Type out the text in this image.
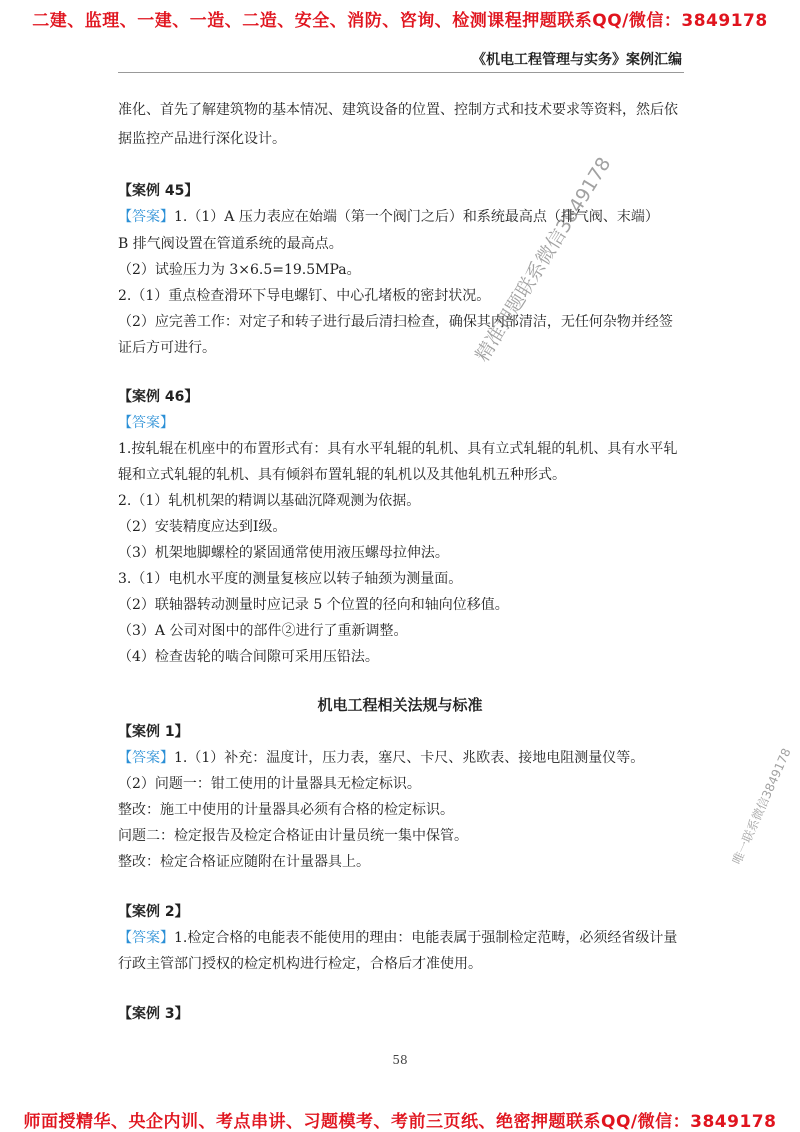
二建、监理、一建、一造、二造、安全、消防、咨询、检测课程押题联系QQ/微信：3849178
《机电工程管理与实务》案例汇编
准化、首先了解建筑物的基本情况、建筑设备的位置、控制方式和技术要求等资料，然后依
据监控产品进行深化设计。
【案例 45】
【答案】1.（1）A 压力表应在始端（第一个阀门之后）和系统最高点（排气阀、末端）
B 排气阀设置在管道系统的最高点。
（2）试验压力为 3×6.5=19.5MPa。
2.（1）重点检查滑环下导电螺钉、中心孔堵板的密封状况。
（2）应完善工作：对定子和转子进行最后清扫检查，确保其内部清洁，无任何杂物并经签
证后方可进行。
【案例 46】
【答案】
1.按轧辊在机座中的布置形式有：具有水平轧辊的轧机、具有立式轧辊的轧机、具有水平轧
辊和立式轧辊的轧机、具有倾斜布置轧辊的轧机以及其他轧机五种形式。
2.（1）轧机机架的精调以基础沉降观测为依据。
（2）安装精度应达到Ⅰ级。
（3）机架地脚螺栓的紧固通常使用液压螺母拉伸法。
3.（1）电机水平度的测量复核应以转子轴颈为测量面。
（2）联轴器转动测量时应记录 5 个位置的径向和轴向位移值。
（3）A 公司对图中的部件②进行了重新调整。
（4）检查齿轮的啮合间隙可采用压铅法。
机电工程相关法规与标准
【案例 1】
【答案】1.（1）补充：温度计，压力表，塞尺、卡尺、兆欧表、接地电阻测量仪等。
（2）问题一：钳工使用的计量器具无检定标识。
整改：施工中使用的计量器具必须有合格的检定标识。
问题二：检定报告及检定合格证由计量员统一集中保管。
整改：检定合格证应随附在计量器具上。
【案例 2】
【答案】1.检定合格的电能表不能使用的理由：电能表属于强制检定范畴，必须经省级计量
行政主管部门授权的检定机构进行检定，合格后才准使用。
【案例 3】
58
精准押题联系微信3849178
唯一联系微信3849178
师面授精华、央企内训、考点串讲、习题模考、考前三页纸、绝密押题联系QQ/微信：3849178
